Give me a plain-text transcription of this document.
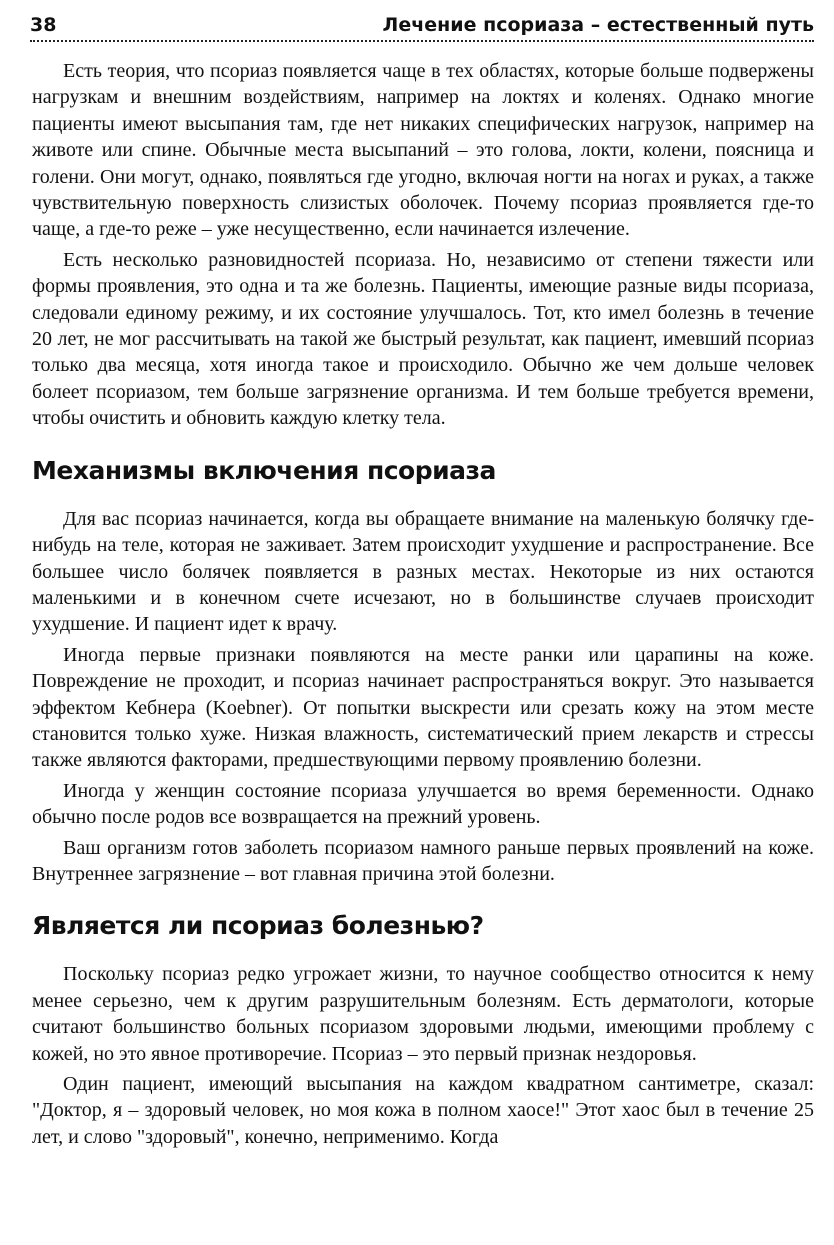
38	Лечение псориаза – естественный путь

Есть теория, что псориаз появляется чаще в тех областях, которые больше подвержены нагрузкам и внешним воздействиям, например на локтях и коленях. Однако многие пациенты имеют высыпания там, где нет никаких специфических нагрузок, например на животе или спине. Обычные места высыпаний – это голова, локти, колени, поясница и голени. Они могут, однако, появляться где угодно, включая ногти на ногах и руках, а также чувствительную поверхность слизистых оболочек. Почему псориаз проявляется где-то чаще, а где-то реже – уже несущественно, если начинается излечение.

Есть несколько разновидностей псориаза. Но, независимо от степени тяжести или формы проявления, это одна и та же болезнь. Пациенты, имеющие разные виды псориаза, следовали единому режиму, и их состояние улучшалось. Тот, кто имел болезнь в течение 20 лет, не мог рассчитывать на такой же быстрый результат, как пациент, имевший псориаз только два месяца, хотя иногда такое и происходило. Обычно же чем дольше человек болеет псориазом, тем больше загрязнение организма. И тем больше требуется времени, чтобы очистить и обновить каждую клетку тела.

Механизмы включения псориаза

Для вас псориаз начинается, когда вы обращаете внимание на маленькую болячку где-нибудь на теле, которая не заживает. Затем происходит ухудшение и распространение. Все большее число болячек появляется в разных местах. Некоторые из них остаются маленькими и в конечном счете исчезают, но в большинстве случаев происходит ухудшение. И пациент идет к врачу.

Иногда первые признаки появляются на месте ранки или царапины на коже. Повреждение не проходит, и псориаз начинает распространяться вокруг. Это называется эффектом Кебнера (Koebner). От попытки выскрести или срезать кожу на этом месте становится только хуже. Низкая влажность, систематический прием лекарств и стрессы также являются факторами, предшествующими первому проявлению болезни.

Иногда у женщин состояние псориаза улучшается во время беременности. Однако обычно после родов все возвращается на прежний уровень.

Ваш организм готов заболеть псориазом намного раньше первых проявлений на коже. Внутреннее загрязнение – вот главная причина этой болезни.

Является ли псориаз болезнью?

Поскольку псориаз редко угрожает жизни, то научное сообщество относится к нему менее серьезно, чем к другим разрушительным болезням. Есть дерматологи, которые считают большинство больных псориазом здоровыми людьми, имеющими проблему с кожей, но это явное противоречие. Псориаз – это первый признак нездоровья.

Один пациент, имеющий высыпания на каждом квадратном сантиметре, сказал: "Доктор, я – здоровый человек, но моя кожа в полном хаосе!" Этот хаос был в течение 25 лет, и слово "здоровый", конечно, неприменимо. Когда
